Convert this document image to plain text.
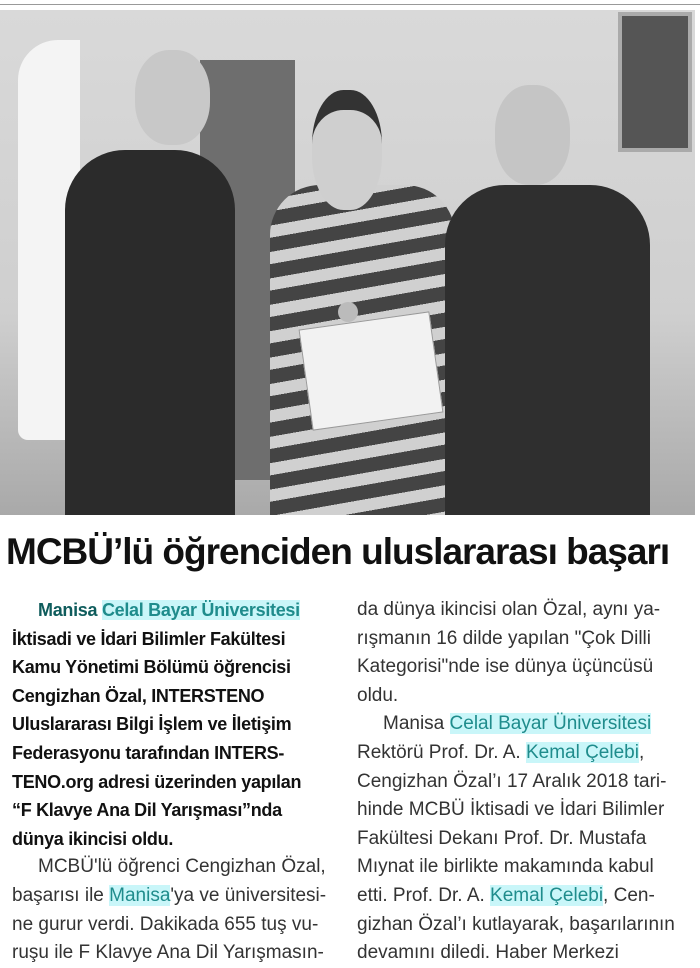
MCBÜ’lü öğrenciden uluslararası başarı
Manisa Celal Bayar Üniversitesi
İktisadi ve İdari Bilimler Fakültesi
Kamu Yönetimi Bölümü öğrencisi
Cengizhan Özal, INTERSTENO
Uluslararası Bilgi İşlem ve İletişim
Federasyonu tarafından INTERS-
TENO.org adresi üzerinden yapılan
“F Klavye Ana Dil Yarışması”nda
dünya ikincisi oldu.
MCBÜ'lü öğrenci Cengizhan Özal,
başarısı ile Manisa'ya ve üniversitesi-
ne gurur verdi. Dakikada 655 tuş vu-
ruşu ile F Klavye Ana Dil Yarışmasın-
da dünya ikincisi olan Özal, aynı ya-
rışmanın 16 dilde yapılan "Çok Dilli
Kategorisi"nde ise dünya üçüncüsü
oldu.
Manisa Celal Bayar Üniversitesi
Rektörü Prof. Dr. A. Kemal Çelebi,
Cengizhan Özal’ı 17 Aralık 2018 tari-
hinde MCBÜ İktisadi ve İdari Bilimler
Fakültesi Dekanı Prof. Dr. Mustafa
Mıynat ile birlikte makamında kabul
etti. Prof. Dr. A. Kemal Çelebi, Cen-
gizhan Özal’ı kutlayarak, başarılarının
devamını diledi. Haber Merkezi
